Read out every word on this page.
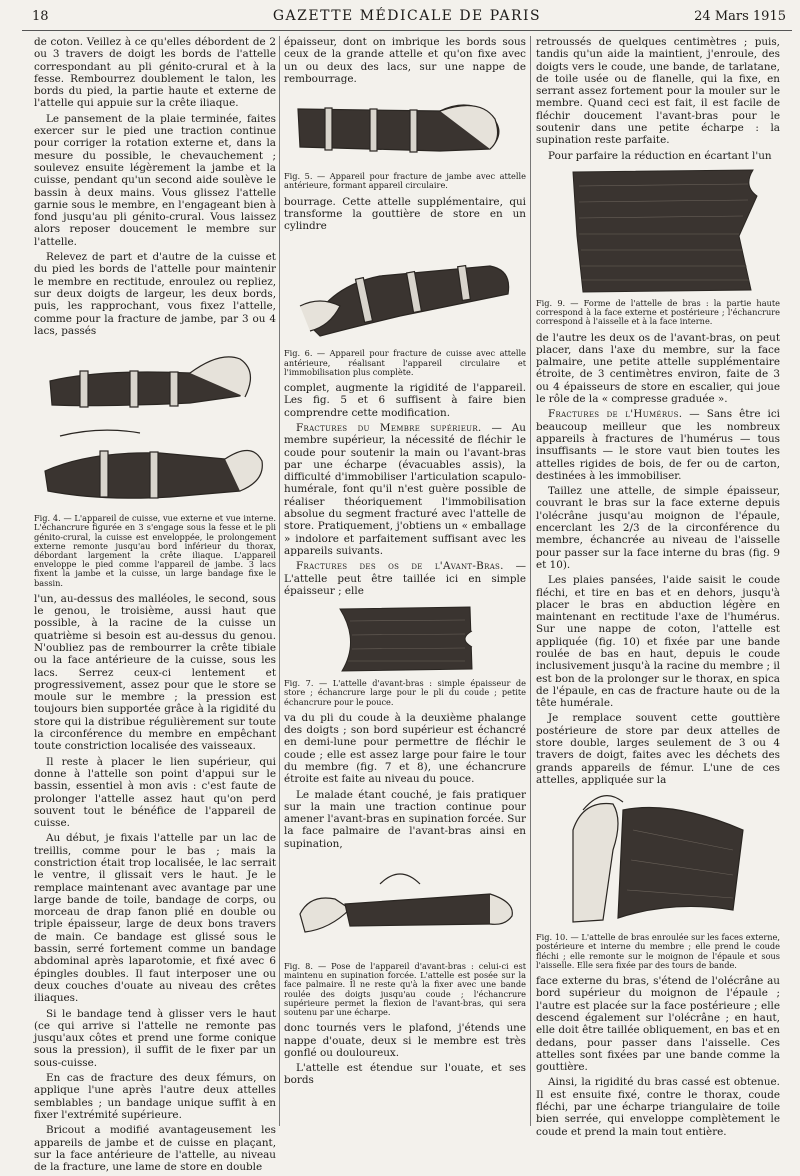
18	GAZETTE MÉDICALE DE PARIS	24 Mars 1915

de coton. Veillez à ce qu'elles débordent de 2 ou 3 travers de doigt les bords de l'attelle correspondant au pli génito-crural et à la fesse. Rembourrez doublement le talon, les bords du pied, la partie haute et externe de l'attelle qui appuie sur la crête iliaque.

Le pansement de la plaie terminée, faites exercer sur le pied une traction continue pour corriger la rotation externe et, dans la mesure du possible, le chevauchement ; soulevez ensuite légèrement la jambe et la cuisse, pendant qu'un second aide soulève le bassin à deux mains. Vous glissez l'attelle garnie sous le membre, en l'engageant bien à fond jusqu'au pli génito-crural. Vous laissez alors reposer doucement le membre sur l'attelle.

Relevez de part et d'autre de la cuisse et du pied les bords de l'attelle pour maintenir le membre en rectitude, enroulez ou repliez, sur deux doigts de largeur, les deux bords, puis, les rapprochant, vous fixez l'attelle, comme pour la fracture de jambe, par 3 ou 4 lacs, passés

Fig. 4. — L'appareil de cuisse, vue externe et vue interne. L'échancrure figurée en 3 s'engage sous la fesse et le pli génito-crural, la cuisse est enveloppée, le prolongement externe remonte jusqu'au bord inférieur du thorax, débordant largement la crête iliaque. L'appareil enveloppe le pied comme l'appareil de jambe. 3 lacs fixent la jambe et la cuisse, un large bandage fixe le bassin.

l'un, au-dessus des malléoles, le second, sous le genou, le troisième, aussi haut que possible, à la racine de la cuisse un quatrième si besoin est au-dessus du genou. N'oubliez pas de rembourrer la crête tibiale ou la face antérieure de la cuisse, sous les lacs. Serrez ceux-ci lentement et progressivement, assez pour que le store se moule sur le membre ; la pression est toujours bien supportée grâce à la rigidité du store qui la distribue régulièrement sur toute la circonférence du membre en empêchant toute constriction localisée des vaisseaux.

Il reste à placer le lien supérieur, qui donne à l'attelle son point d'appui sur le bassin, essentiel à mon avis : c'est faute de prolonger l'attelle assez haut qu'on perd souvent tout le bénéfice de l'appareil de cuisse.

Au début, je fixais l'attelle par un lac de treillis, comme pour le bas ; mais la constriction était trop localisée, le lac serrait le ventre, il glissait vers le haut. Je le remplace maintenant avec avantage par une large bande de toile, bandage de corps, ou morceau de drap fanon plié en double ou triple épaisseur, large de deux bons travers de main. Ce bandage est glissé sous le bassin, serré fortement comme un bandage abdominal après laparotomie, et fixé avec 6 épingles doubles. Il faut interposer une ou deux couches d'ouate au niveau des crêtes iliaques.

Si le bandage tend à glisser vers le haut (ce qui arrive si l'attelle ne remonte pas jusqu'aux côtes et prend une forme conique sous la pression), il suffit de le fixer par un sous-cuisse.

En cas de fracture des deux fémurs, on applique l'une après l'autre deux attelles semblables ; un bandage unique suffit à en fixer l'extrémité supérieure.

Bricout a modifié avantageusement les appareils de jambe et de cuisse en plaçant, sur la face antérieure de l'attelle, au niveau de la fracture, une lame de store en double

épaisseur, dont on imbrique les bords sous ceux de la grande attelle et qu'on fixe avec un ou deux des lacs, sur une nappe de rembourrage.

Fig. 5. — Appareil pour fracture de jambe avec attelle antérieure, formant appareil circulaire.

bourrage. Cette attelle supplémentaire, qui transforme la gouttière de store en un cylindre

Fig. 6. — Appareil pour fracture de cuisse avec attelle antérieure, réalisant l'appareil circulaire et l'immobilisation plus complète.

complet, augmente la rigidité de l'appareil. Les fig. 5 et 6 suffisent à faire bien comprendre cette modification.

Fractures du Membre supérieur. — Au membre supérieur, la nécessité de fléchir le coude pour soutenir la main ou l'avant-bras par une écharpe (évacuables assis), la difficulté d'immobiliser l'articulation scapulo-humérale, font qu'il n'est guère possible de réaliser théoriquement l'immobilisation absolue du segment fracturé avec l'attelle de store. Pratiquement, j'obtiens un « emballage » indolore et parfaitement suffisant avec les appareils suivants.

Fractures des os de l'Avant-Bras. — L'attelle peut être taillée ici en simple épaisseur ; elle

Fig. 7. — L'attelle d'avant-bras : simple épaisseur de store ; échancrure large pour le pli du coude ; petite échancrure pour le pouce.

va du pli du coude à la deuxième phalange des doigts ; son bord supérieur est échancré en demi-lune pour permettre de fléchir le coude ; elle est assez large pour faire le tour du membre (fig. 7 et 8), une échancrure étroite est faite au niveau du pouce.

Le malade étant couché, je fais pratiquer sur la main une traction continue pour amener l'avant-bras en supination forcée. Sur la face palmaire de l'avant-bras ainsi en supination,

Fig. 8. — Pose de l'appareil d'avant-bras : celui-ci est maintenu en supination forcée. L'attelle est posée sur la face palmaire. Il ne reste qu'à la fixer avec une bande roulée des doigts jusqu'au coude ; l'échancrure supérieure permet la flexion de l'avant-bras, qui sera soutenu par une écharpe.

donc tournés vers le plafond, j'étends une nappe d'ouate, deux si le membre est très gonflé ou douloureux.

L'attelle est étendue sur l'ouate, et ses bords

retroussés de quelques centimètres ; puis, tandis qu'un aide la maintient, j'enroule, des doigts vers le coude, une bande, de tarlatane, de toile usée ou de flanelle, qui la fixe, en serrant assez fortement pour la mouler sur le membre. Quand ceci est fait, il est facile de fléchir doucement l'avant-bras pour le soutenir dans une petite écharpe : la supination reste parfaite.

Pour parfaire la réduction en écartant l'un

Fig. 9. — Forme de l'attelle de bras : la partie haute correspond à la face externe et postérieure ; l'échancrure correspond à l'aisselle et à la face interne.

de l'autre les deux os de l'avant-bras, on peut placer, dans l'axe du membre, sur la face palmaire, une petite attelle supplémentaire étroite, de 3 centimètres environ, faite de 3 ou 4 épaisseurs de store en escalier, qui joue le rôle de la « compresse graduée ».

Fractures de l'Humérus. — Sans être ici beaucoup meilleur que les nombreux appareils à fractures de l'humérus — tous insuffisants — le store vaut bien toutes les attelles rigides de bois, de fer ou de carton, destinées à les immobiliser.

Taillez une attelle, de simple épaisseur, couvrant le bras sur la face externe depuis l'olécrâne jusqu'au moignon de l'épaule, encerclant les 2/3 de la circonférence du membre, échancrée au niveau de l'aisselle pour passer sur la face interne du bras (fig. 9 et 10).

Les plaies pansées, l'aide saisit le coude fléchi, et tire en bas et en dehors, jusqu'à placer le bras en abduction légère en maintenant en rectitude l'axe de l'humérus. Sur une nappe de coton, l'attelle est appliquée (fig. 10) et fixée par une bande roulée de bas en haut, depuis le coude inclusivement jusqu'à la racine du membre ; il est bon de la prolonger sur le thorax, en spica de l'épaule, en cas de fracture haute ou de la tête humérale.

Je remplace souvent cette gouttière postérieure de store par deux attelles de store double, larges seulement de 3 ou 4 travers de doigt, faites avec les déchets des grands appareils de fémur. L'une de ces attelles, appliquée sur la

Fig. 10. — L'attelle de bras enroulée sur les faces externe, postérieure et interne du membre ; elle prend le coude fléchi ; elle remonte sur le moignon de l'épaule et sous l'aisselle. Elle sera fixée par des tours de bande.

face externe du bras, s'étend de l'olécrâne au bord supérieur du moignon de l'épaule ; l'autre est placée sur la face postérieure ; elle descend également sur l'olécrâne ; en haut, elle doit être taillée obliquement, en bas et en dedans, pour passer dans l'aisselle. Ces attelles sont fixées par une bande comme la gouttière.

Ainsi, la rigidité du bras cassé est obtenue. Il est ensuite fixé, contre le thorax, coude fléchi, par une écharpe triangulaire de toile bien serrée, qui enveloppe complètement le coude et prend la main tout entière.
